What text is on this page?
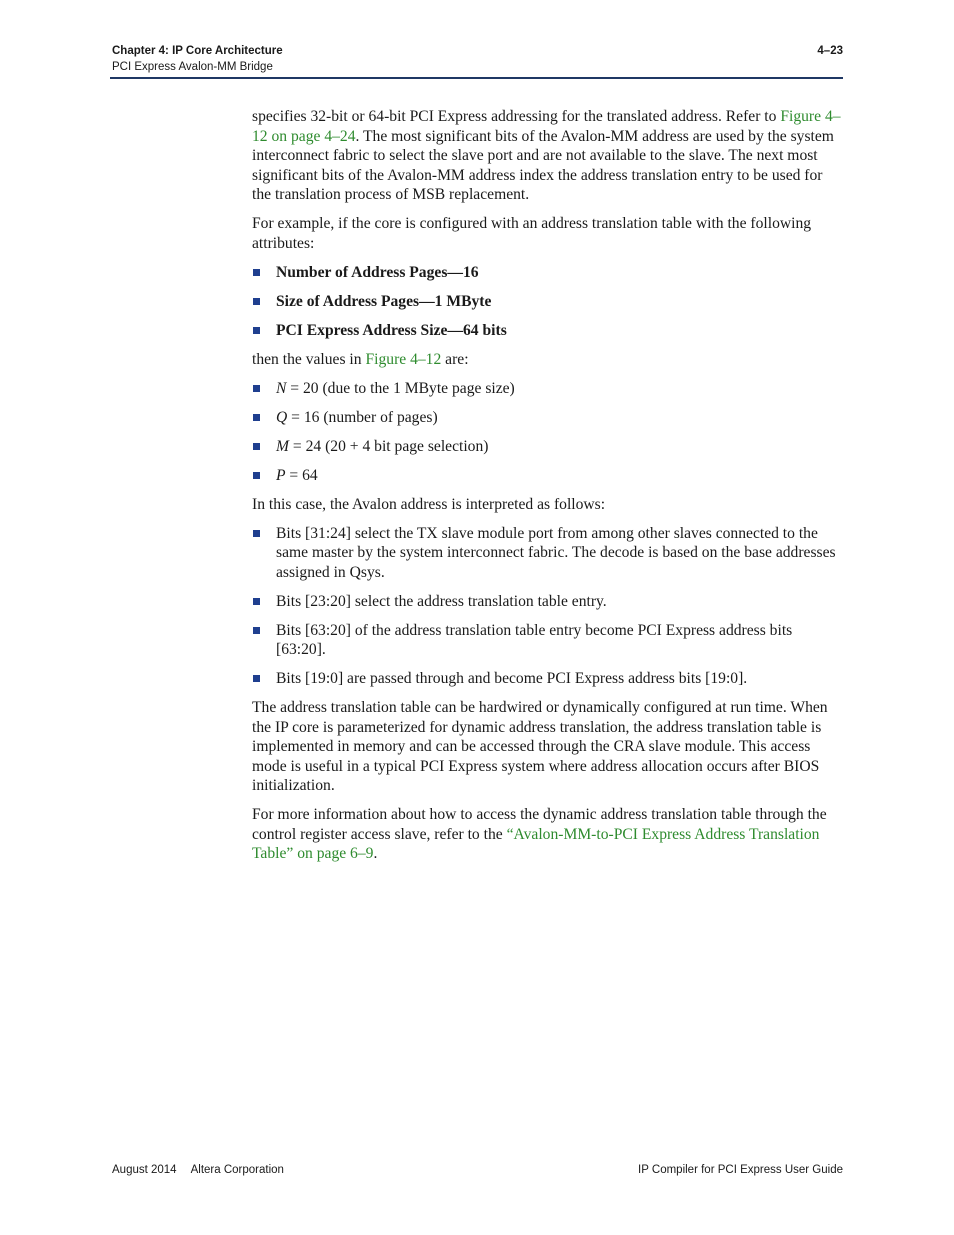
Chapter 4: IP Core Architecture
PCI Express Avalon-MM Bridge
4–23

specifies 32-bit or 64-bit PCI Express addressing for the translated address. Refer to Figure 4–12 on page 4–24. The most significant bits of the Avalon-MM address are used by the system interconnect fabric to select the slave port and are not available to the slave. The next most significant bits of the Avalon-MM address index the address translation entry to be used for the translation process of MSB replacement.

For example, if the core is configured with an address translation table with the following attributes:

Number of Address Pages—16
Size of Address Pages—1 MByte
PCI Express Address Size—64 bits

then the values in Figure 4–12 are:

N = 20 (due to the 1 MByte page size)
Q = 16 (number of pages)
M = 24 (20 + 4 bit page selection)
P = 64

In this case, the Avalon address is interpreted as follows:

Bits [31:24] select the TX slave module port from among other slaves connected to the same master by the system interconnect fabric. The decode is based on the base addresses assigned in Qsys.
Bits [23:20] select the address translation table entry.
Bits [63:20] of the address translation table entry become PCI Express address bits [63:20].
Bits [19:0] are passed through and become PCI Express address bits [19:0].

The address translation table can be hardwired or dynamically configured at run time. When the IP core is parameterized for dynamic address translation, the address translation table is implemented in memory and can be accessed through the CRA slave module. This access mode is useful in a typical PCI Express system where address allocation occurs after BIOS initialization.

For more information about how to access the dynamic address translation table through the control register access slave, refer to the “Avalon-MM-to-PCI Express Address Translation Table” on page 6–9.

August 2014 Altera Corporation	IP Compiler for PCI Express User Guide
